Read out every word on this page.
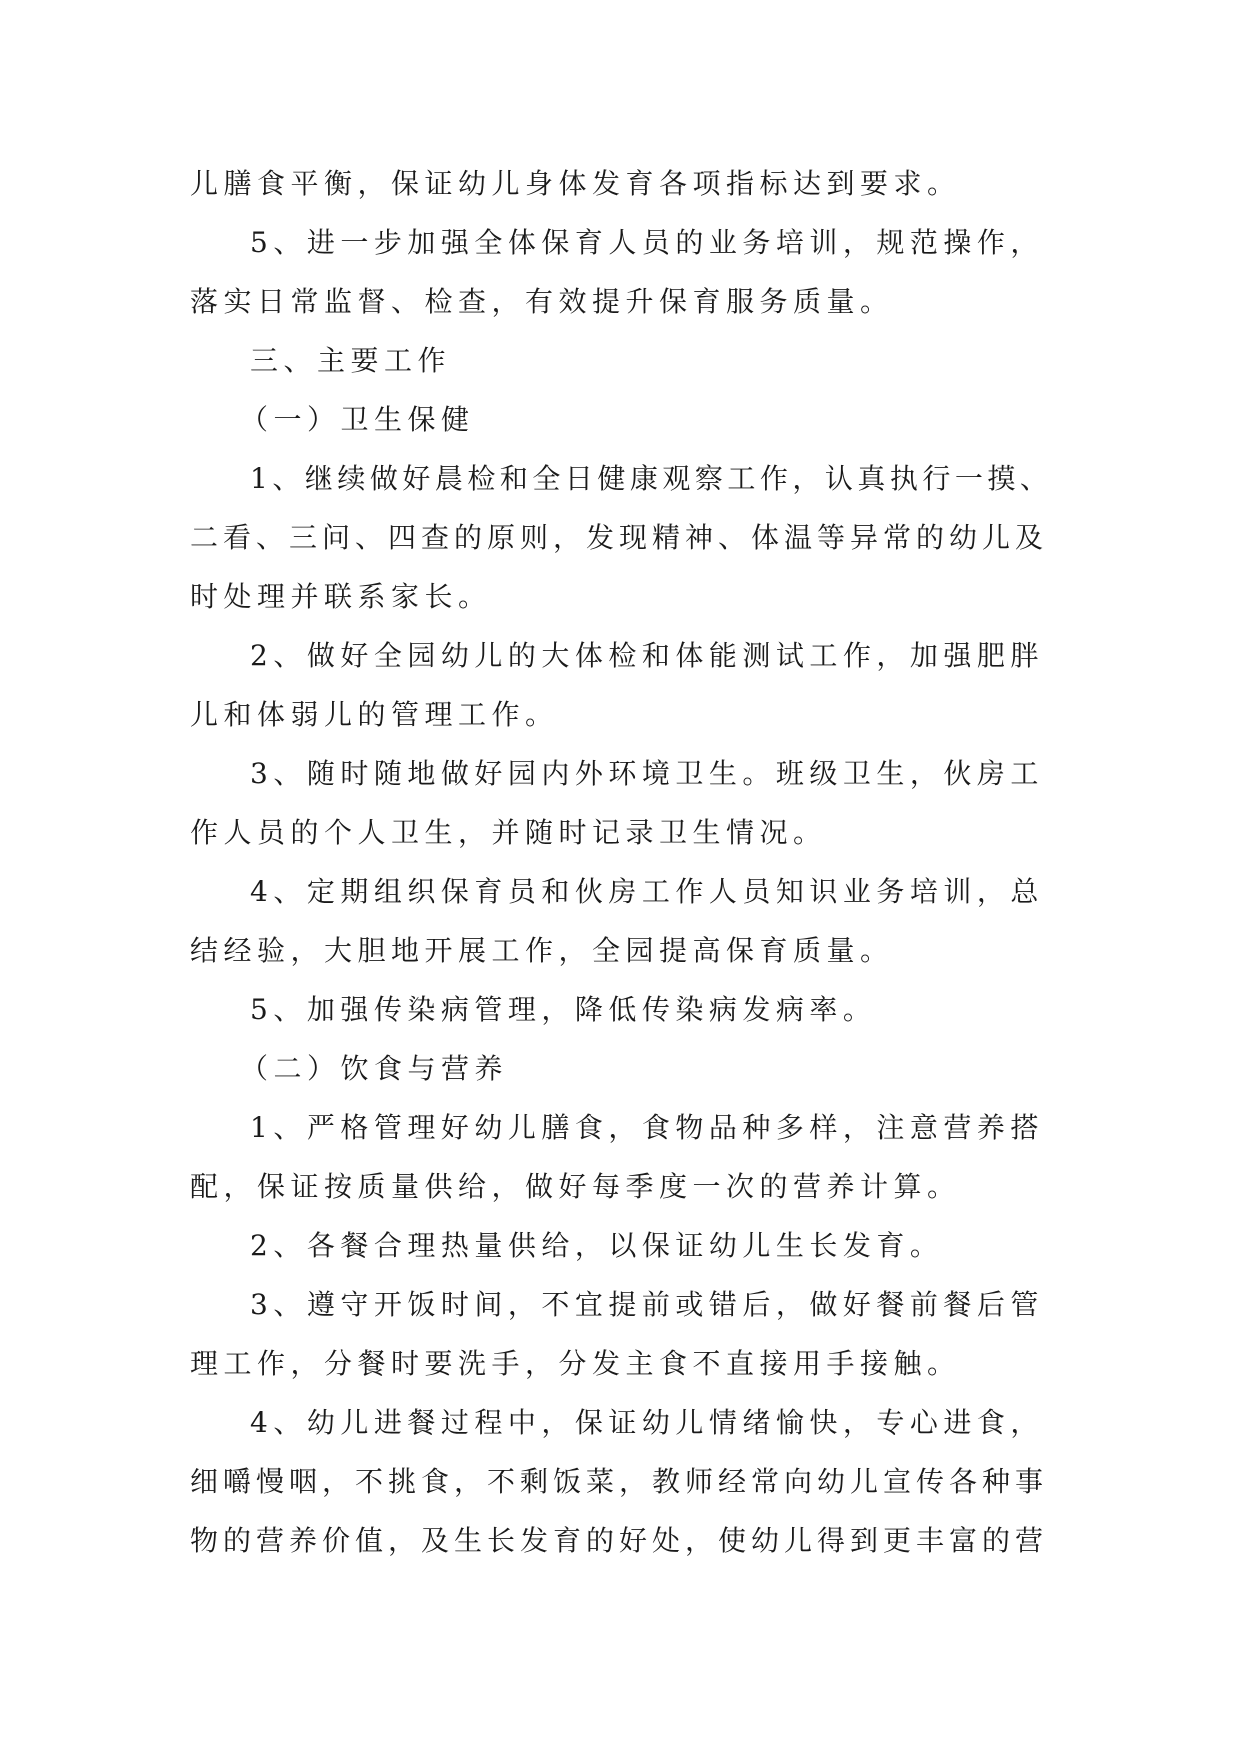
儿膳食平衡，保证幼儿身体发育各项指标达到要求。
5、进一步加强全体保育人员的业务培训，规范操作，
落实日常监督、检查，有效提升保育服务质量。
三、主要工作
（一）卫生保健
1、继续做好晨检和全日健康观察工作，认真执行一摸、
二看、三问、四查的原则，发现精神、体温等异常的幼儿及
时处理并联系家长。
2、做好全园幼儿的大体检和体能测试工作，加强肥胖
儿和体弱儿的管理工作。
3、随时随地做好园内外环境卫生。班级卫生，伙房工
作人员的个人卫生，并随时记录卫生情况。
4、定期组织保育员和伙房工作人员知识业务培训，总
结经验，大胆地开展工作，全园提高保育质量。
5、加强传染病管理，降低传染病发病率。
（二）饮食与营养
1、严格管理好幼儿膳食，食物品种多样，注意营养搭
配，保证按质量供给，做好每季度一次的营养计算。
2、各餐合理热量供给，以保证幼儿生长发育。
3、遵守开饭时间，不宜提前或错后，做好餐前餐后管
理工作，分餐时要洗手，分发主食不直接用手接触。
4、幼儿进餐过程中，保证幼儿情绪愉快，专心进食，
细嚼慢咽，不挑食，不剩饭菜，教师经常向幼儿宣传各种事
物的营养价值，及生长发育的好处，使幼儿得到更丰富的营
